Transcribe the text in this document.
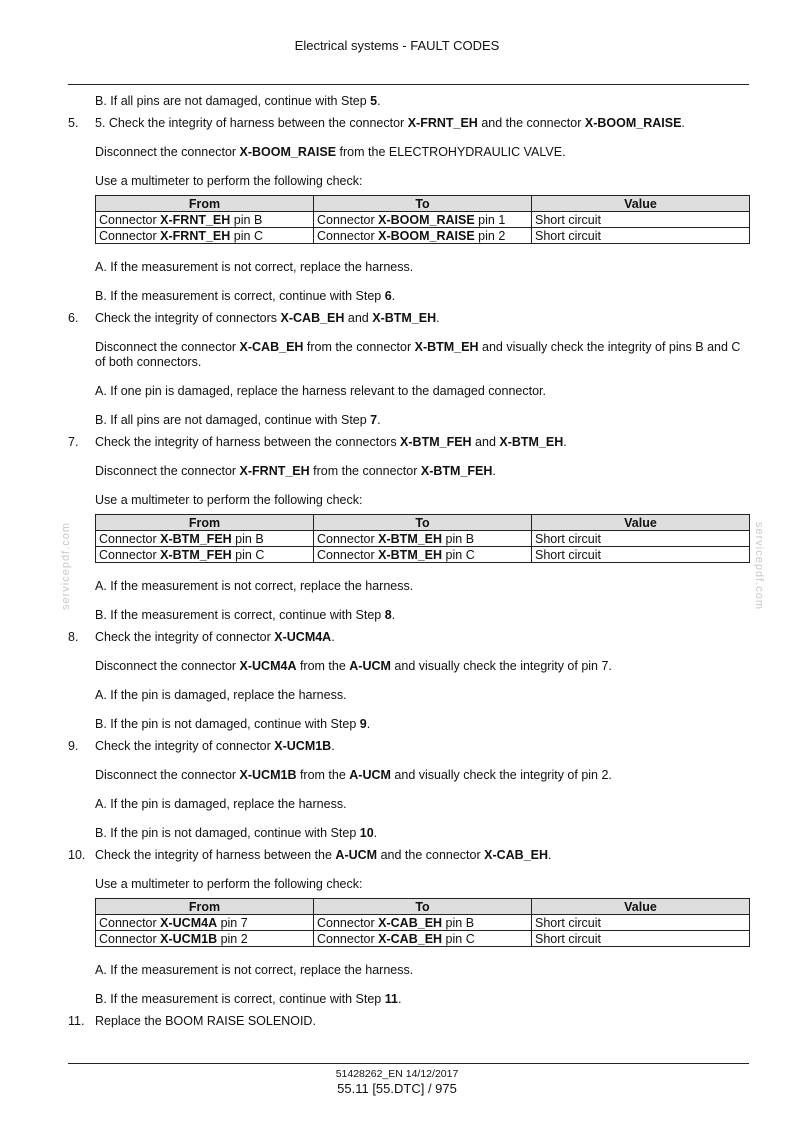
Electrical systems - FAULT CODES
servicepdf.com	servicepdf.com

B. If all pins are not damaged, continue with Step 5.

5. 5. Check the integrity of harness between the connector X-FRNT_EH and the connector X-BOOM_RAISE.

Disconnect the connector X-BOOM_RAISE from the ELECTROHYDRAULIC VALVE.

Use a multimeter to perform the following check:

From	To	Value
Connector X-FRNT_EH pin B	Connector X-BOOM_RAISE pin 1	Short circuit
Connector X-FRNT_EH pin C	Connector X-BOOM_RAISE pin 2	Short circuit

A. If the measurement is not correct, replace the harness.

B. If the measurement is correct, continue with Step 6.

6. Check the integrity of connectors X-CAB_EH and X-BTM_EH.

Disconnect the connector X-CAB_EH from the connector X-BTM_EH and visually check the integrity of pins B and C of both connectors.

A. If one pin is damaged, replace the harness relevant to the damaged connector.

B. If all pins are not damaged, continue with Step 7.

7. Check the integrity of harness between the connectors X-BTM_FEH and X-BTM_EH.

Disconnect the connector X-FRNT_EH from the connector X-BTM_FEH.

Use a multimeter to perform the following check:

From	To	Value
Connector X-BTM_FEH pin B	Connector X-BTM_EH pin B	Short circuit
Connector X-BTM_FEH pin C	Connector X-BTM_EH pin C	Short circuit

A. If the measurement is not correct, replace the harness.

B. If the measurement is correct, continue with Step 8.

8. Check the integrity of connector X-UCM4A.

Disconnect the connector X-UCM4A from the A-UCM and visually check the integrity of pin 7.

A. If the pin is damaged, replace the harness.

B. If the pin is not damaged, continue with Step 9.

9. Check the integrity of connector X-UCM1B.

Disconnect the connector X-UCM1B from the A-UCM and visually check the integrity of pin 2.

A. If the pin is damaged, replace the harness.

B. If the pin is not damaged, continue with Step 10.

10. Check the integrity of harness between the A-UCM and the connector X-CAB_EH.

Use a multimeter to perform the following check:

From	To	Value
Connector X-UCM4A pin 7	Connector X-CAB_EH pin B	Short circuit
Connector X-UCM1B pin 2	Connector X-CAB_EH pin C	Short circuit

A. If the measurement is not correct, replace the harness.

B. If the measurement is correct, continue with Step 11.

11. Replace the BOOM RAISE SOLENOID.

51428262_EN 14/12/2017
55.11 [55.DTC] / 975
